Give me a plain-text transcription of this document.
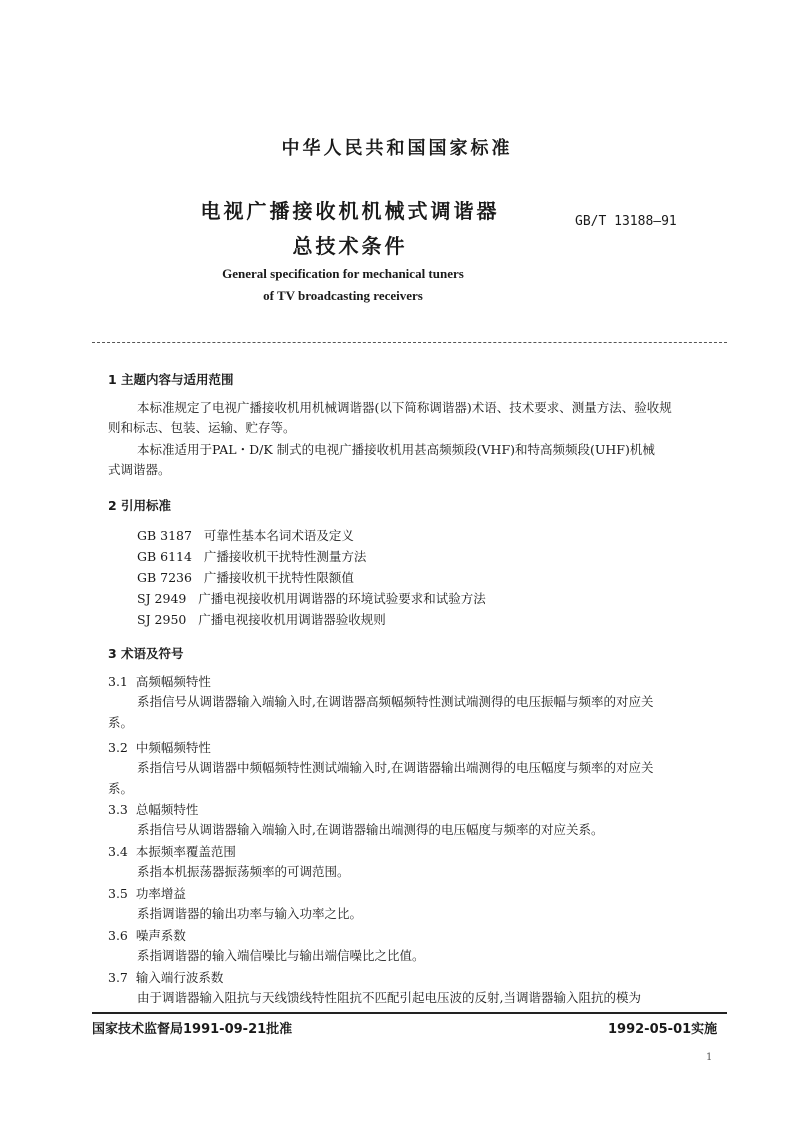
中华人民共和国国家标准
电视广播接收机机械式调谐器
总技术条件
GB/T 13188—91
General specification for mechanical tuners
of TV broadcasting receivers
1 主题内容与适用范围
本标准规定了电视广播接收机用机械调谐器(以下简称调谐器)术语、技术要求、测量方法、验收规
则和标志、包装、运输、贮存等。
本标准适用于PAL・D/K 制式的电视广播接收机用甚高频频段(VHF)和特高频频段(UHF)机械
式调谐器。
2 引用标准
GB 3187   可靠性基本名词术语及定义
GB 6114   广播接收机干扰特性测量方法
GB 7236   广播接收机干扰特性限额值
SJ 2949   广播电视接收机用调谐器的环境试验要求和试验方法
SJ 2950   广播电视接收机用调谐器验收规则
3 术语及符号
3.1  高频幅频特性
系指信号从调谐器输入端输入时,在调谐器高频幅频特性测试端测得的电压振幅与频率的对应关
系。
3.2  中频幅频特性
系指信号从调谐器中频幅频特性测试端输入时,在调谐器输出端测得的电压幅度与频率的对应关
系。
3.3  总幅频特性
系指信号从调谐器输入端输入时,在调谐器输出端测得的电压幅度与频率的对应关系。
3.4  本振频率覆盖范围
系指本机振荡器振荡频率的可调范围。
3.5  功率增益
系指调谐器的输出功率与输入功率之比。
3.6  噪声系数
系指调谐器的输入端信噪比与输出端信噪比之比值。
3.7  输入端行波系数
由于调谐器输入阻抗与天线馈线特性阻抗不匹配引起电压波的反射,当调谐器输入阻抗的模为
国家技术监督局1991-09-21批准	1992-05-01实施
1
